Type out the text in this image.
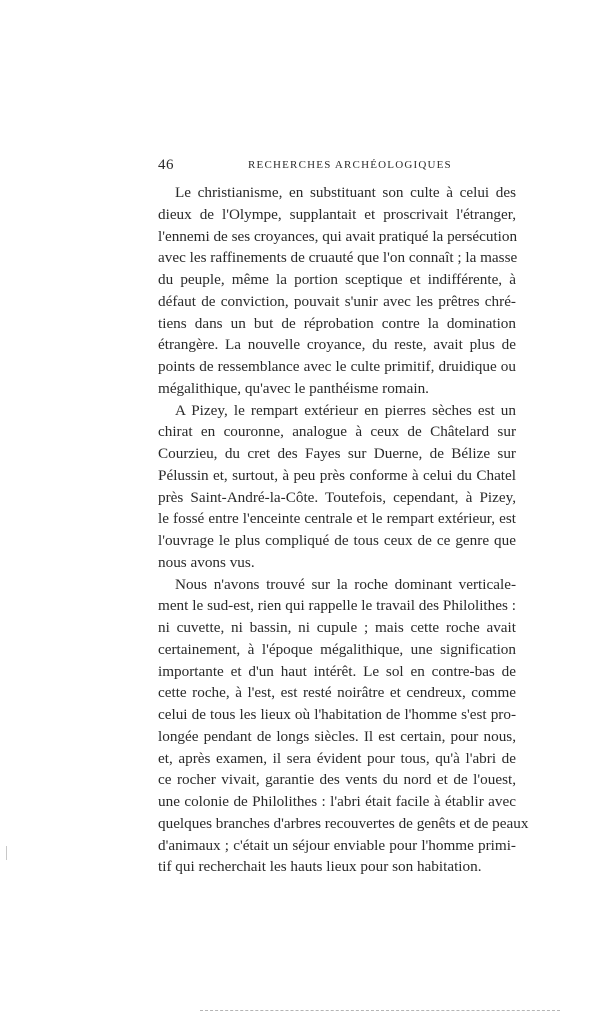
46	RECHERCHES ARCHÉOLOGIQUES
Le christianisme, en substituant son culte à celui des
dieux de l'Olympe, supplantait et proscrivait l'étranger,
l'ennemi de ses croyances, qui avait pratiqué la persécution
avec les raffinements de cruauté que l'on connaît ; la masse
du peuple, même la portion sceptique et indifférente, à
défaut de conviction, pouvait s'unir avec les prêtres chré-
tiens dans un but de réprobation contre la domination
étrangère. La nouvelle croyance, du reste, avait plus de
points de ressemblance avec le culte primitif, druidique ou
mégalithique, qu'avec le panthéisme romain.
A Pizey, le rempart extérieur en pierres sèches est un
chirat en couronne, analogue à ceux de Châtelard sur
Courzieu, du cret des Fayes sur Duerne, de Bélize sur
Pélussin et, surtout, à peu près conforme à celui du Chatel
près Saint-André-la-Côte. Toutefois, cependant, à Pizey,
le fossé entre l'enceinte centrale et le rempart extérieur, est
l'ouvrage le plus compliqué de tous ceux de ce genre que
nous avons vus.
Nous n'avons trouvé sur la roche dominant verticale-
ment le sud-est, rien qui rappelle le travail des Philolithes :
ni cuvette, ni bassin, ni cupule ; mais cette roche avait
certainement, à l'époque mégalithique, une signification
importante et d'un haut intérêt. Le sol en contre-bas de
cette roche, à l'est, est resté noirâtre et cendreux, comme
celui de tous les lieux où l'habitation de l'homme s'est pro-
longée pendant de longs siècles. Il est certain, pour nous,
et, après examen, il sera évident pour tous, qu'à l'abri de
ce rocher vivait, garantie des vents du nord et de l'ouest,
une colonie de Philolithes : l'abri était facile à établir avec
quelques branches d'arbres recouvertes de genêts et de peaux
d'animaux ; c'était un séjour enviable pour l'homme primi-
tif qui recherchait les hauts lieux pour son habitation.
